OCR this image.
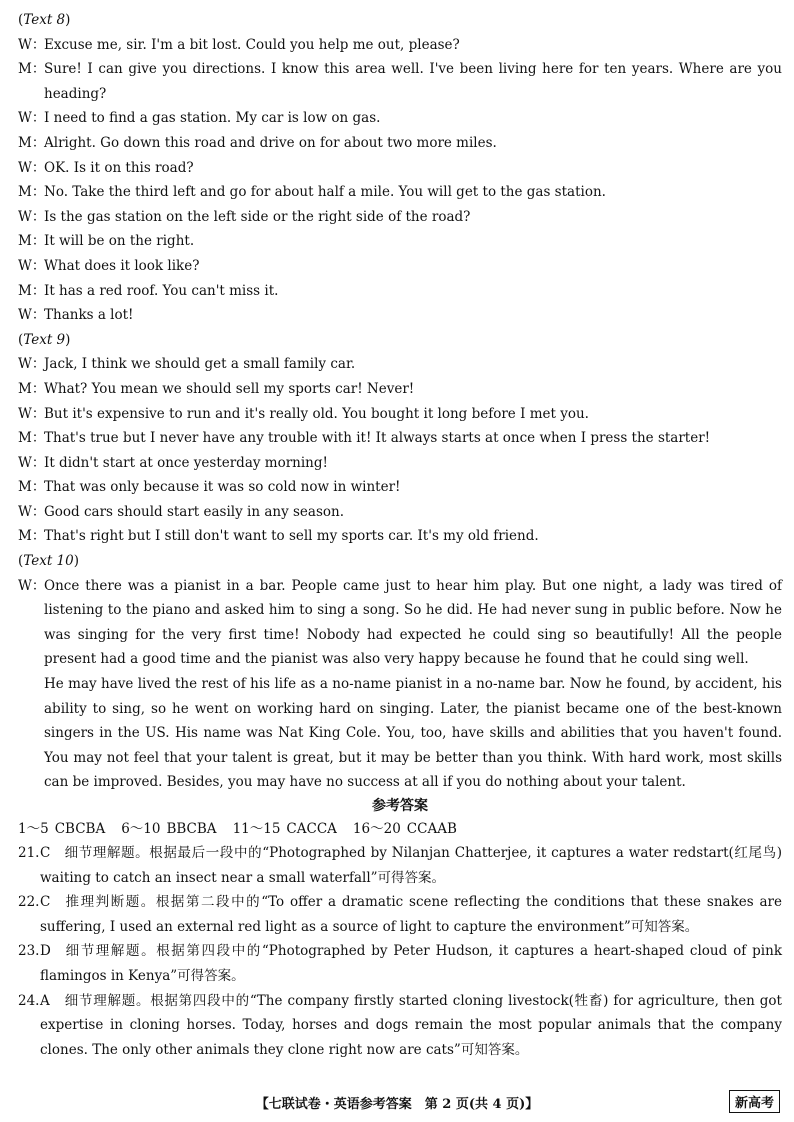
(Text 8)
W：
Excuse me, sir. I'm a bit lost. Could you help me out, please?
M：
Sure! I can give you directions. I know this area well. I've been living here for ten years. Where are you heading?
W：
I need to find a gas station. My car is low on gas.
M：
Alright. Go down this road and drive on for about two more miles.
W：
OK. Is it on this road?
M：
No. Take the third left and go for about half a mile. You will get to the gas station.
W：
Is the gas station on the left side or the right side of the road?
M：
It will be on the right.
W：
What does it look like?
M：
It has a red roof. You can't miss it.
W：
Thanks a lot!
(Text 9)
W：
Jack, I think we should get a small family car.
M：
What? You mean we should sell my sports car! Never!
W：
But it's expensive to run and it's really old. You bought it long before I met you.
M：
That's true but I never have any trouble with it! It always starts at once when I press the starter!
W：
It didn't start at once yesterday morning!
M：
That was only because it was so cold now in winter!
W：
Good cars should start easily in any season.
M：
That's right but I still don't want to sell my sports car. It's my old friend.
(Text 10)
W：
Once there was a pianist in a bar. People came just to hear him play. But one night, a lady was tired of listening to the piano and asked him to sing a song. So he did. He had never sung in public before. Now he was singing for the very first time! Nobody had expected he could sing so beautifully! All the people present had a good time and the pianist was also very happy because he found that he could sing well.
He may have lived the rest of his life as a no-name pianist in a no-name bar. Now he found, by accident, his ability to sing, so he went on working hard on singing. Later, the pianist became one of the best-known singers in the US. His name was Nat King Cole. You, too, have skills and abilities that you haven't found. You may not feel that your talent is great, but it may be better than you think. With hard work, most skills can be improved. Besides, you may have no success at all if you do nothing about your talent.
参考答案
1～5 CBCBA 6～10 BBCBA 11～15 CACCA 16～20 CCAAB
21. C 细节理解题。根据最后一段中的“Photographed by Nilanjan Chatterjee, it captures a water redstart(红尾鸟) waiting to catch an insect near a small waterfall”可得答案。
22. C 推理判断题。根据第二段中的“To offer a dramatic scene reflecting the conditions that these snakes are suffering, I used an external red light as a source of light to capture the environment”可知答案。
23. D 细节理解题。根据第四段中的“Photographed by Peter Hudson, it captures a heart-shaped cloud of pink flamingos in Kenya”可得答案。
24. A 细节理解题。根据第四段中的“The company firstly started cloning livestock(牲畜) for agriculture, then got expertise in cloning horses. Today, horses and dogs remain the most popular animals that the company clones. The only other animals they clone right now are cats”可知答案。
【七联试卷・英语参考答案　第 2 页(共 4 页)】	新高考
